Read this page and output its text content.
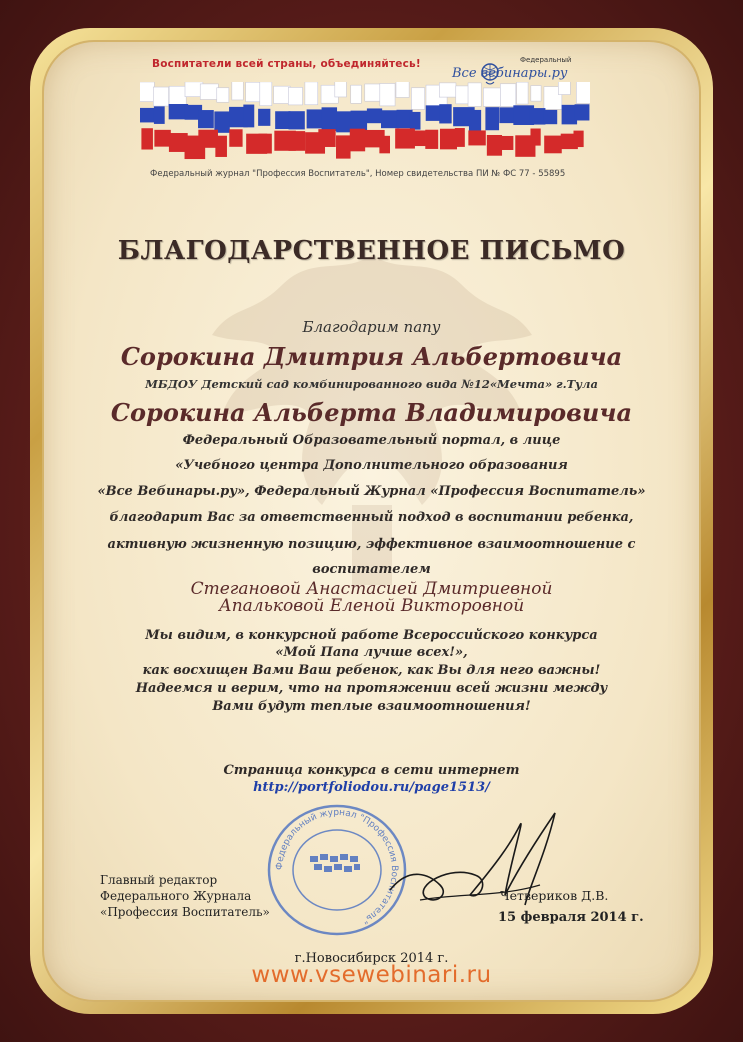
Воспитатели всей страны, объединяйтесь!	Федеральный
Все вебинары.ру
Федеральный журнал "Профессия Воспитатель", Номер свидетельства ПИ № ФС 77 - 55895
БЛАГОДАРСТВЕННОЕ ПИСЬМО
Благодарим папу
Сорокина Дмитрия Альбертовича
МБДОУ Детский сад комбинированного вида №12«Мечта» г.Тула
Сорокина Альберта Владимировича
Федеральный Образовательный портал, в лице
«Учебного центра Дополнительного образования
«Все Вебинары.ру», Федеральный Журнал «Профессия Воспитатель»
благодарит Вас за ответственный подход в воспитании ребенка,
активную жизненную позицию, эффективное взаимоотношение с
воспитателем
Стегановой Анастасией Дмитриевной
Апальковой Еленой Викторовной
Мы видим, в конкурсной работе Всероссийского конкурса
«Мой Папа лучше всех!»,
как восхищен Вами Ваш ребенок, как Вы для него важны!
Надеемся и верим, что на протяжении всей жизни между
Вами будут теплые взаимоотношения!
Страница конкурса в сети интернет
http://portfoliodou.ru/page1513/
Федеральный журнал "Профессия Воспитатель"
Главный редактор
Федерального Журнала
«Профессия Воспитатель»
Четвериков Д.В.
15 февраля 2014 г.
г.Новосибирск 2014 г.
www.vsewebinari.ru
